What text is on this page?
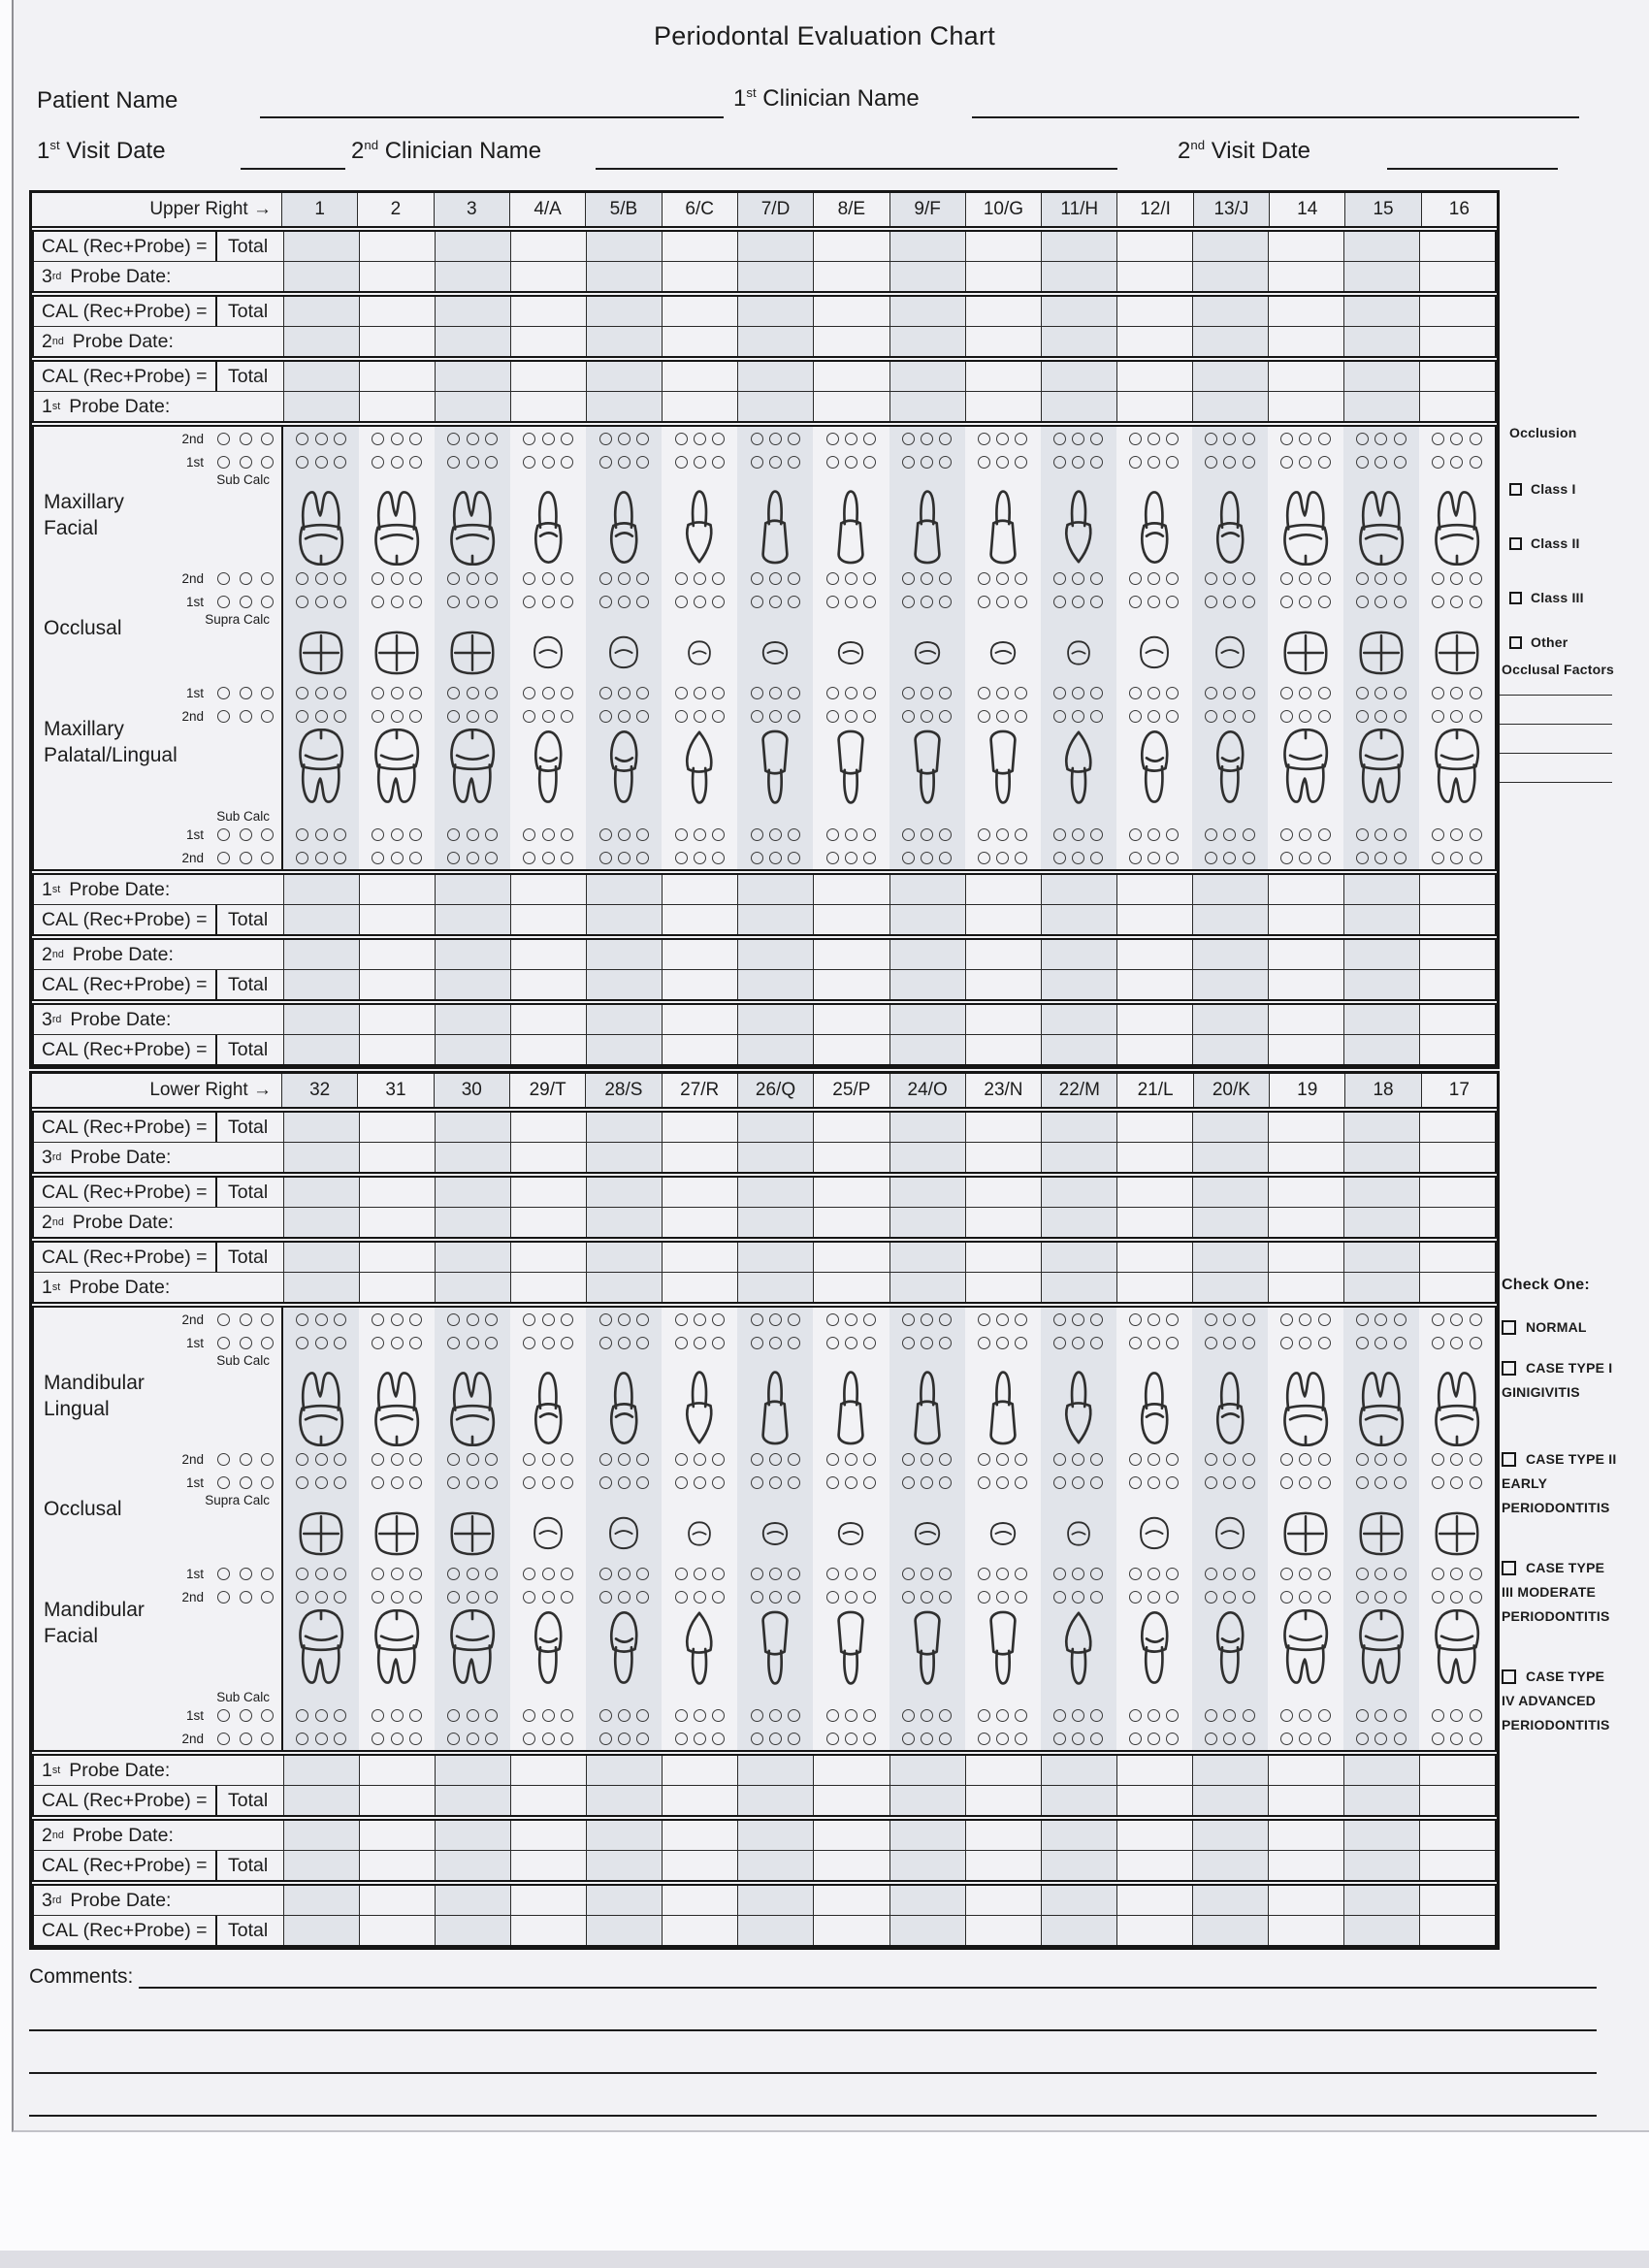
Periodontal Evaluation Chart
Patient Name	1st Clinician Name
1st Visit Date	2nd Clinician Name	2nd Visit Date
Upper Right → 1	2	3	4/A	5/B	6/C	7/D	8/E	9/F 10/G 11/H 12/I 13/J	14	15	16
CAL (Rec+Probe) = Total
3 rd Probe Date:
CAL (Rec+Probe) = Total
2 nd Probe Date:
CAL (Rec+Probe) = Total
1 st Probe Date:
2nd
1st
Sub Calc
2nd
1st
Supra Calc
1st
2nd
Sub Calc
1st
2nd
Maxillary
Facial
Occlusal
Maxillary
Palatal/Lingual
1 st Probe Date:
CAL (Rec+Probe) = Total
2 nd Probe Date:
CAL (Rec+Probe) = Total
3 rd Probe Date:
CAL (Rec+Probe) = Total
Lower Right → 32	31	30	29/T 28/S 27/R 26/Q 25/P 24/O 23/N 22/M 21/L 20/K	19	18	17
CAL (Rec+Probe) = Total
3 rd Probe Date:
CAL (Rec+Probe) = Total
2 nd Probe Date:
CAL (Rec+Probe) = Total
1 st Probe Date:
2nd
1st
Sub Calc
2nd
1st
Supra Calc
1st
2nd
Sub Calc
1st
2nd
Mandibular
Lingual
Occlusal
Mandibular
Facial
1 st Probe Date:
CAL (Rec+Probe) = Total
2 nd Probe Date:
CAL (Rec+Probe) = Total
3 rd Probe Date:
CAL (Rec+Probe) = Total
Comments:
Occlusion
Class I
Class II
Class III
Other
Occlusal Factors
Check One:
NORMAL
CASE TYPE I
GINIGIVITIS
CASE TYPE II
EARLY
PERIODONTITIS
CASE TYPE
III MODERATE
PERIODONTITIS
CASE TYPE
IV ADVANCED
PERIODONTITIS
